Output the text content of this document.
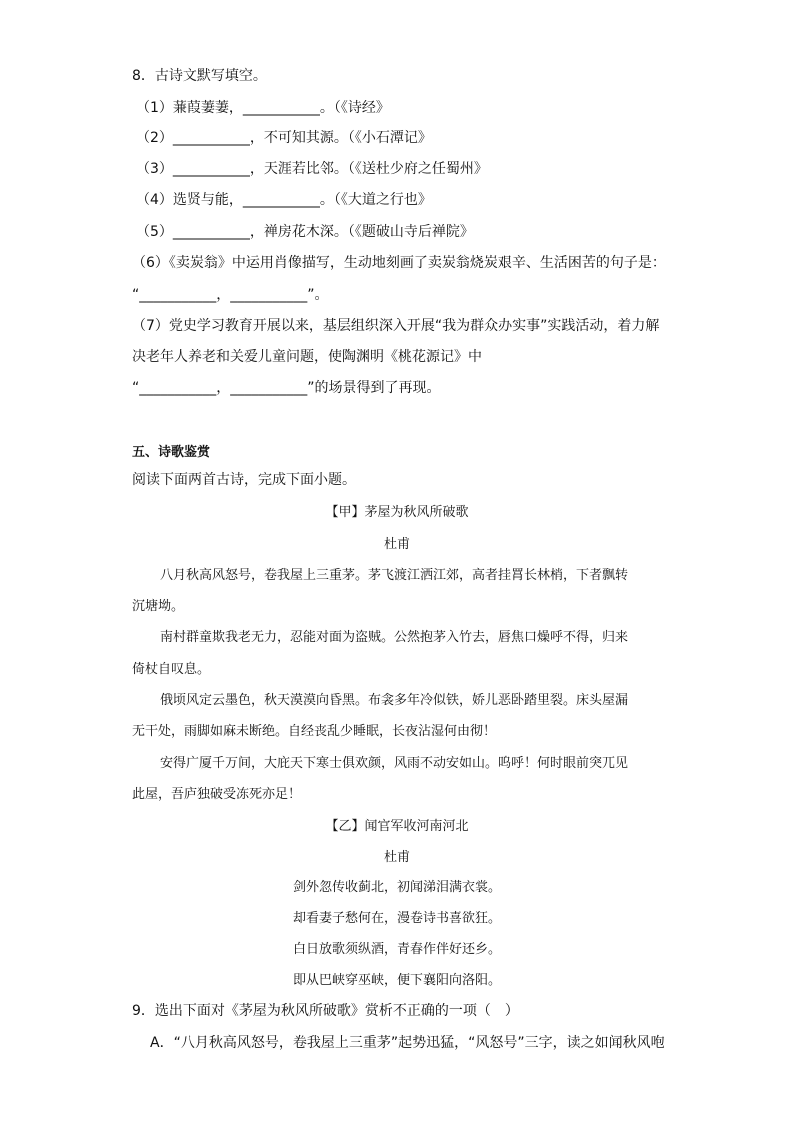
8．古诗文默写填空。
（1）蒹葭萋萋，___________。（《诗经》
（2）___________，不可知其源。（《小石潭记》
（3）___________，天涯若比邻。（《送杜少府之任蜀州》
（4）选贤与能，___________。（《大道之行也》
（5）___________，禅房花木深。（《题破山寺后禅院》
（6）《卖炭翁》中运用肖像描写，生动地刻画了卖炭翁烧炭艰辛、生活困苦的句子是：
“___________，___________”。
（7）党史学习教育开展以来，基层组织深入开展“我为群众办实事”实践活动，着力解
决老年人养老和关爱儿童问题，使陶渊明《桃花源记》中
“___________，___________”的场景得到了再现。
五、诗歌鉴赏
阅读下面两首古诗，完成下面小题。
【甲】茅屋为秋风所破歌
杜甫
八月秋高风怒号，卷我屋上三重茅。茅飞渡江洒江郊，高者挂罥长林梢，下者飘转
沉塘坳。
南村群童欺我老无力，忍能对面为盗贼。公然抱茅入竹去，唇焦口燥呼不得，归来
倚杖自叹息。
俄顷风定云墨色，秋天漠漠向昏黑。布衾多年冷似铁，娇儿恶卧踏里裂。床头屋漏
无干处，雨脚如麻未断绝。自经丧乱少睡眠，长夜沾湿何由彻！
安得广厦千万间，大庇天下寒士俱欢颜，风雨不动安如山。呜呼！何时眼前突兀见
此屋，吾庐独破受冻死亦足！
【乙】闻官军收河南河北
杜甫
剑外忽传收蓟北，初闻涕泪满衣裳。
却看妻子愁何在，漫卷诗书喜欲狂。
白日放歌须纵酒，青春作伴好还乡。
即从巴峡穿巫峡，便下襄阳向洛阳。
9．选出下面对《茅屋为秋风所破歌》赏析不正确的一项（　）
A．“八月秋高风怒号，卷我屋上三重茅”起势迅猛，“风怒号”三字，读之如闻秋风咆
